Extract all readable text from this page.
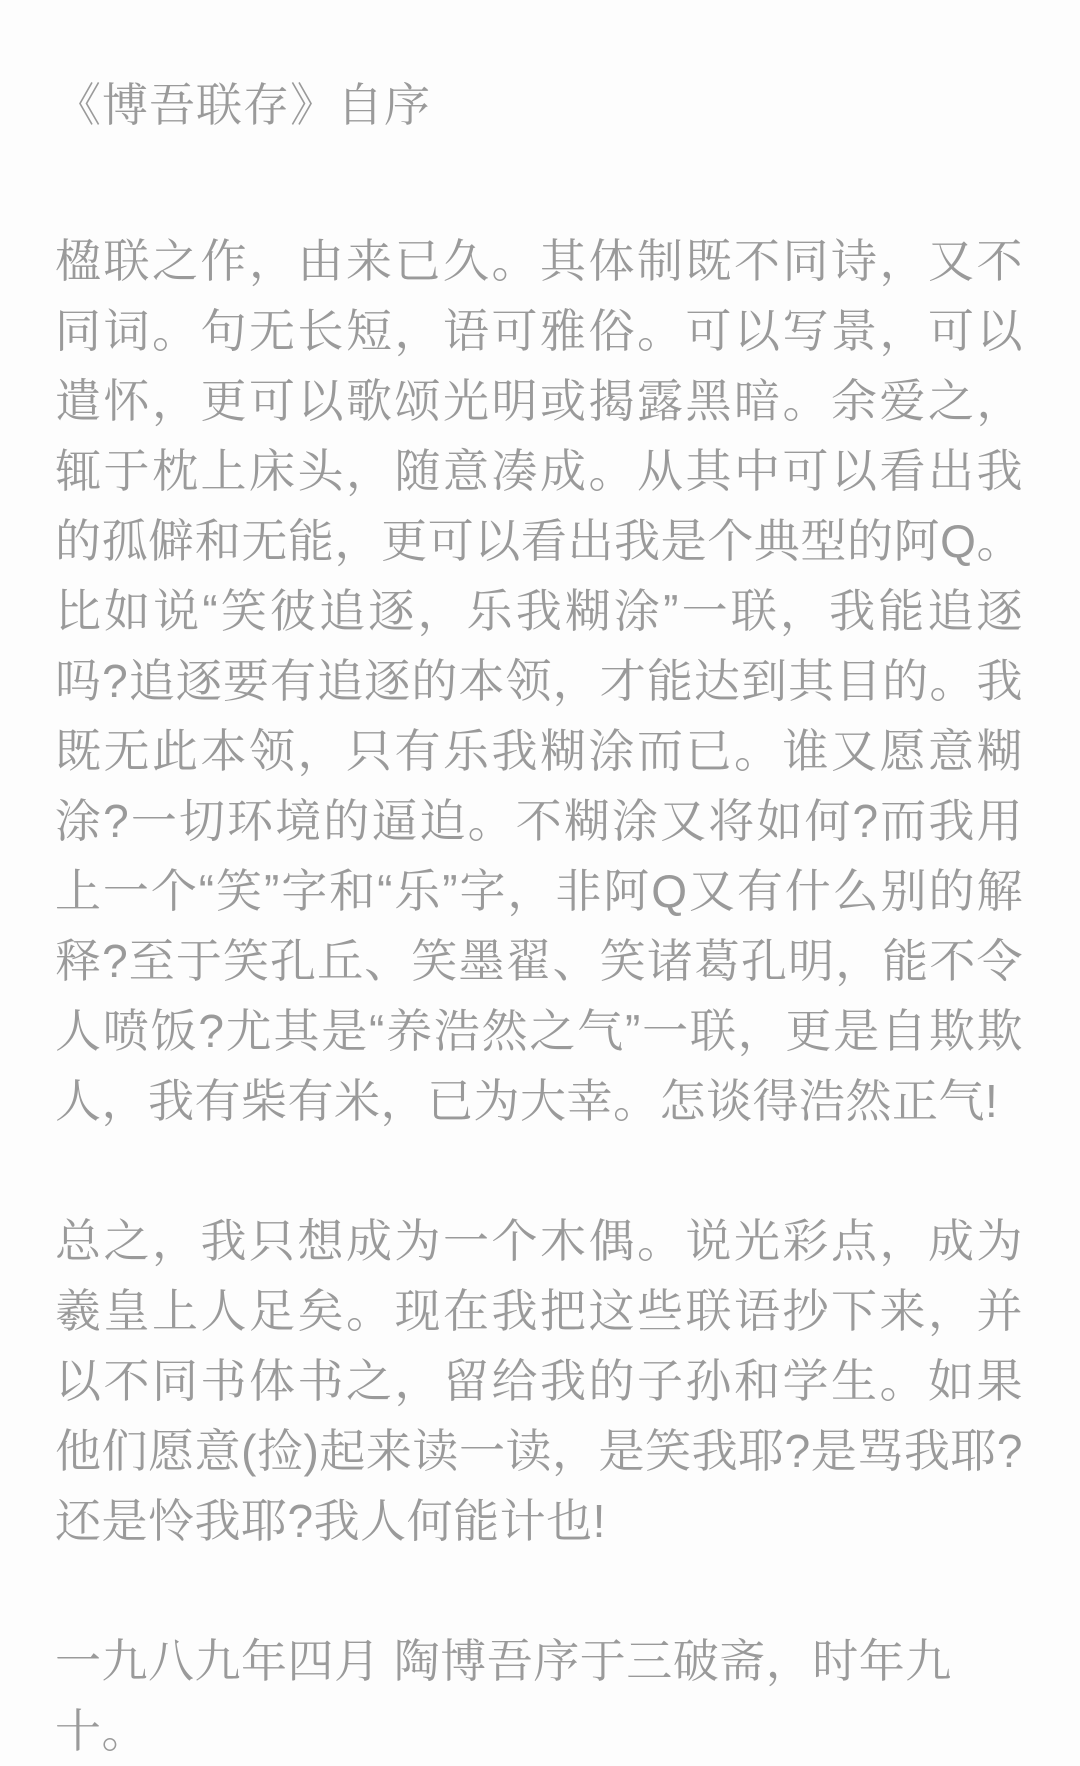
《博吾联存》自序

楹联之作，由来已久。其体制既不同诗，又不同词。句无长短，语可雅俗。可以写景，可以遣怀，更可以歌颂光明或揭露黑暗。余爱之，辄于枕上床头，随意凑成。从其中可以看出我的孤僻和无能，更可以看出我是个典型的阿Q。比如说“笑彼追逐，乐我糊涂”一联，我能追逐吗?追逐要有追逐的本领，才能达到其目的。我既无此本领，只有乐我糊涂而已。谁又愿意糊涂?一切环境的逼迫。不糊涂又将如何?而我用上一个“笑”字和“乐”字，非阿Q又有什么别的解释?至于笑孔丘、笑墨翟、笑诸葛孔明，能不令人喷饭?尤其是“养浩然之气”一联，更是自欺欺人，我有柴有米，已为大幸。怎谈得浩然正气!

总之，我只想成为一个木偶。说光彩点，成为羲皇上人足矣。现在我把这些联语抄下来，并以不同书体书之，留给我的子孙和学生。如果他们愿意(捡)起来读一读，是笑我耶?是骂我耶?还是怜我耶?我人何能计也!

一九八九年四月 陶博吾序于三破斋，时年九十。
